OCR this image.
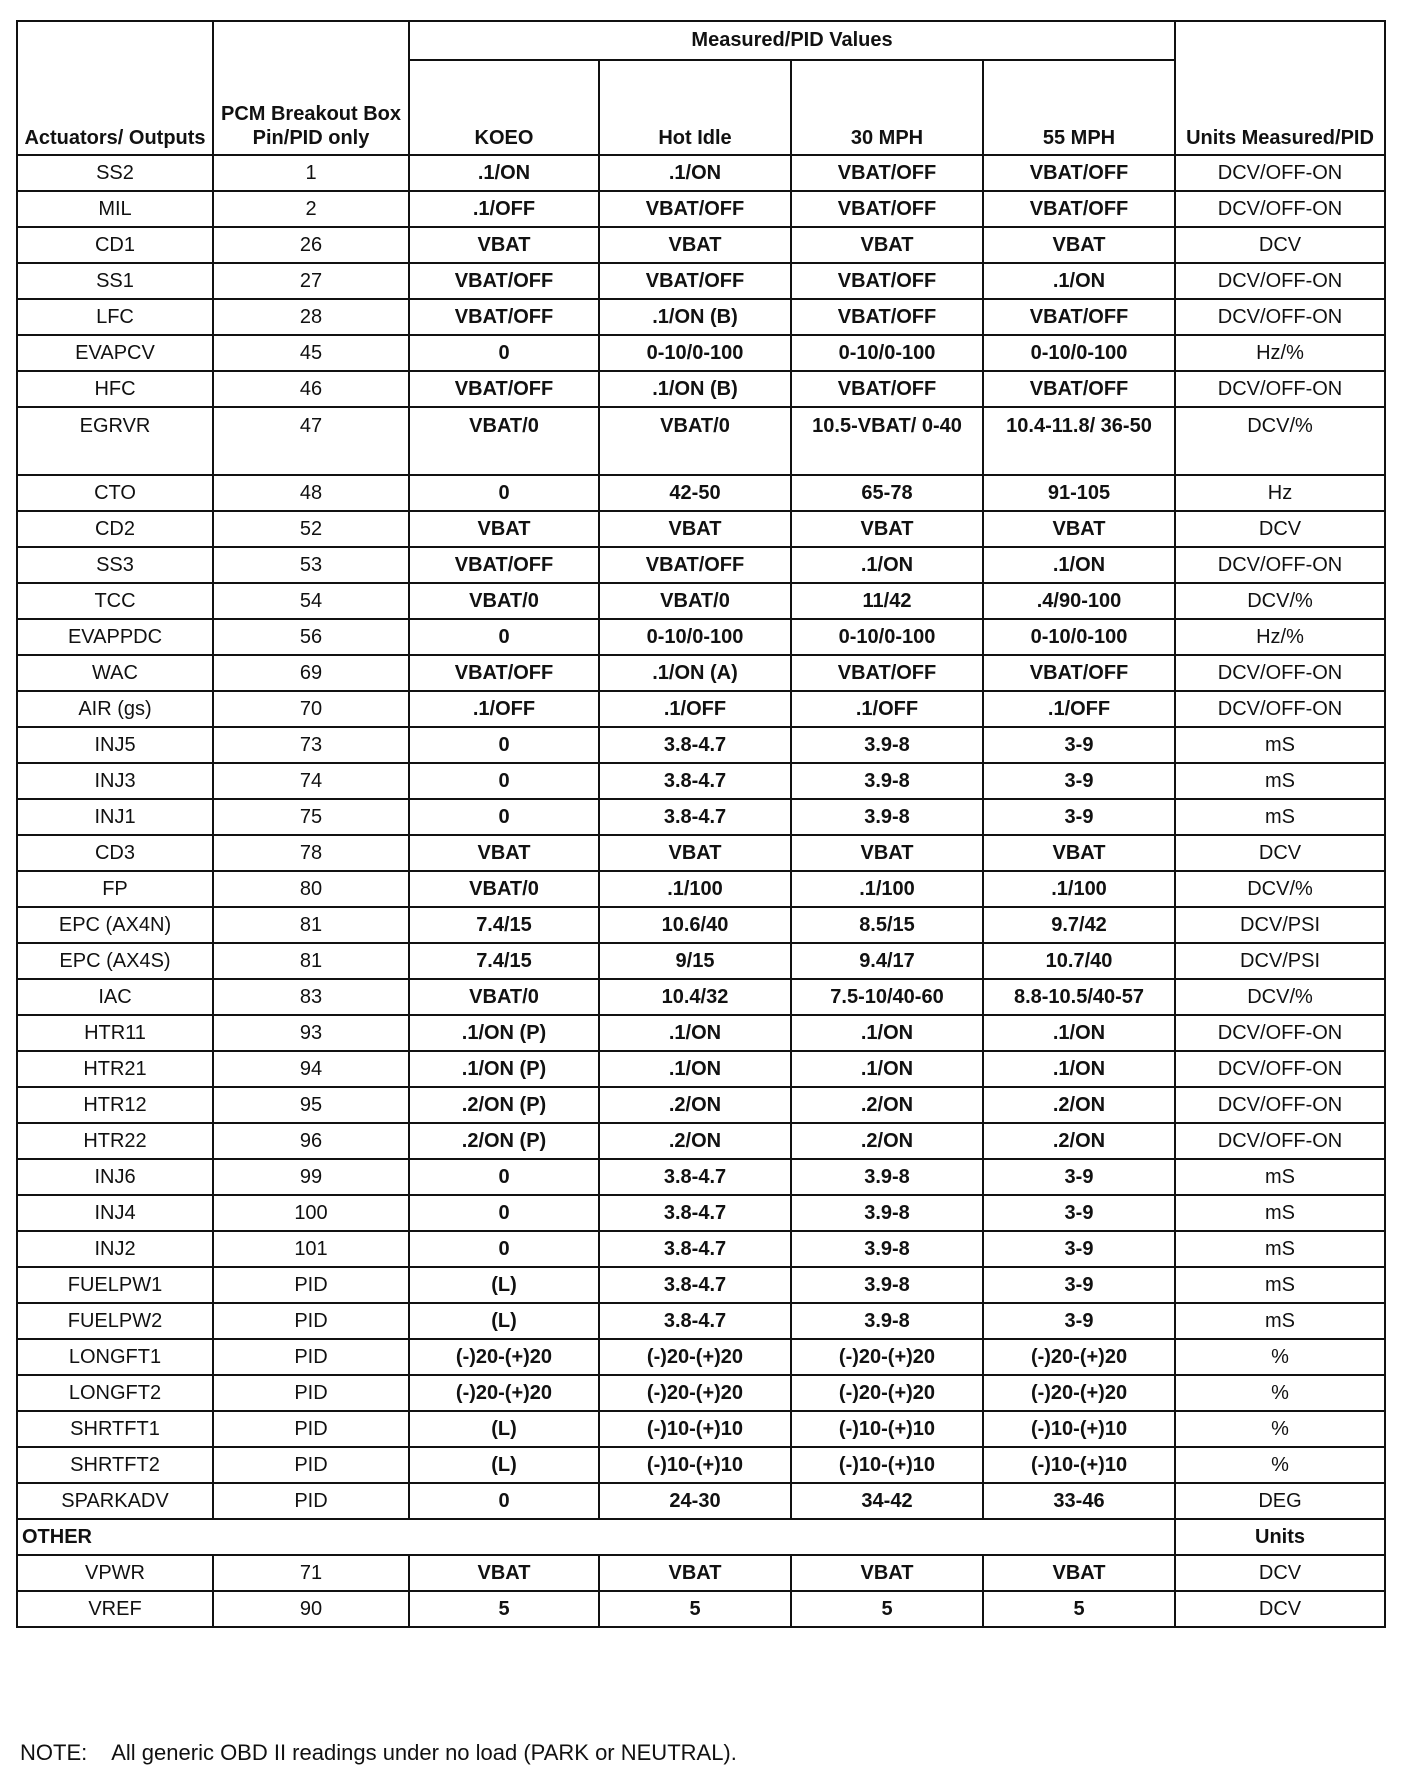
Actuators/ Outputs	PCM Breakout Box Pin/PID only	Measured/PID Values				Units Measured/PID
		KOEO	Hot Idle	30 MPH	55 MPH	
SS2	1	.1/ON	.1/ON	VBAT/OFF	VBAT/OFF	DCV/OFF-ON
MIL	2	.1/OFF	VBAT/OFF	VBAT/OFF	VBAT/OFF	DCV/OFF-ON
CD1	26	VBAT	VBAT	VBAT	VBAT	DCV
SS1	27	VBAT/OFF	VBAT/OFF	VBAT/OFF	.1/ON	DCV/OFF-ON
LFC	28	VBAT/OFF	.1/ON (B)	VBAT/OFF	VBAT/OFF	DCV/OFF-ON
EVAPCV	45	0	0-10/0-100	0-10/0-100	0-10/0-100	Hz/%
HFC	46	VBAT/OFF	.1/ON (B)	VBAT/OFF	VBAT/OFF	DCV/OFF-ON
EGRVR	47	VBAT/0	VBAT/0	10.5-VBAT/ 0-40	10.4-11.8/ 36-50	DCV/%
CTO	48	0	42-50	65-78	91-105	Hz
CD2	52	VBAT	VBAT	VBAT	VBAT	DCV
SS3	53	VBAT/OFF	VBAT/OFF	.1/ON	.1/ON	DCV/OFF-ON
TCC	54	VBAT/0	VBAT/0	11/42	.4/90-100	DCV/%
EVAPPDC	56	0	0-10/0-100	0-10/0-100	0-10/0-100	Hz/%
WAC	69	VBAT/OFF	.1/ON (A)	VBAT/OFF	VBAT/OFF	DCV/OFF-ON
AIR (gs)	70	.1/OFF	.1/OFF	.1/OFF	.1/OFF	DCV/OFF-ON
INJ5	73	0	3.8-4.7	3.9-8	3-9	mS
INJ3	74	0	3.8-4.7	3.9-8	3-9	mS
INJ1	75	0	3.8-4.7	3.9-8	3-9	mS
CD3	78	VBAT	VBAT	VBAT	VBAT	DCV
FP	80	VBAT/0	.1/100	.1/100	.1/100	DCV/%
EPC (AX4N)	81	7.4/15	10.6/40	8.5/15	9.7/42	DCV/PSI
EPC (AX4S)	81	7.4/15	9/15	9.4/17	10.7/40	DCV/PSI
IAC	83	VBAT/0	10.4/32	7.5-10/40-60	8.8-10.5/40-57	DCV/%
HTR11	93	.1/ON (P)	.1/ON	.1/ON	.1/ON	DCV/OFF-ON
HTR21	94	.1/ON (P)	.1/ON	.1/ON	.1/ON	DCV/OFF-ON
HTR12	95	.2/ON (P)	.2/ON	.2/ON	.2/ON	DCV/OFF-ON
HTR22	96	.2/ON (P)	.2/ON	.2/ON	.2/ON	DCV/OFF-ON
INJ6	99	0	3.8-4.7	3.9-8	3-9	mS
INJ4	100	0	3.8-4.7	3.9-8	3-9	mS
INJ2	101	0	3.8-4.7	3.9-8	3-9	mS
FUELPW1	PID	(L)	3.8-4.7	3.9-8	3-9	mS
FUELPW2	PID	(L)	3.8-4.7	3.9-8	3-9	mS
LONGFT1	PID	(-)20-(+)20	(-)20-(+)20	(-)20-(+)20	(-)20-(+)20	%
LONGFT2	PID	(-)20-(+)20	(-)20-(+)20	(-)20-(+)20	(-)20-(+)20	%
SHRTFT1	PID	(L)	(-)10-(+)10	(-)10-(+)10	(-)10-(+)10	%
SHRTFT2	PID	(L)	(-)10-(+)10	(-)10-(+)10	(-)10-(+)10	%
SPARKADV	PID	0	24-30	34-42	33-46	DEG
OTHER						Units
VPWR	71	VBAT	VBAT	VBAT	VBAT	DCV
VREF	90	5	5	5	5	DCV
NOTE: All generic OBD II readings under no load (PARK or NEUTRAL).
